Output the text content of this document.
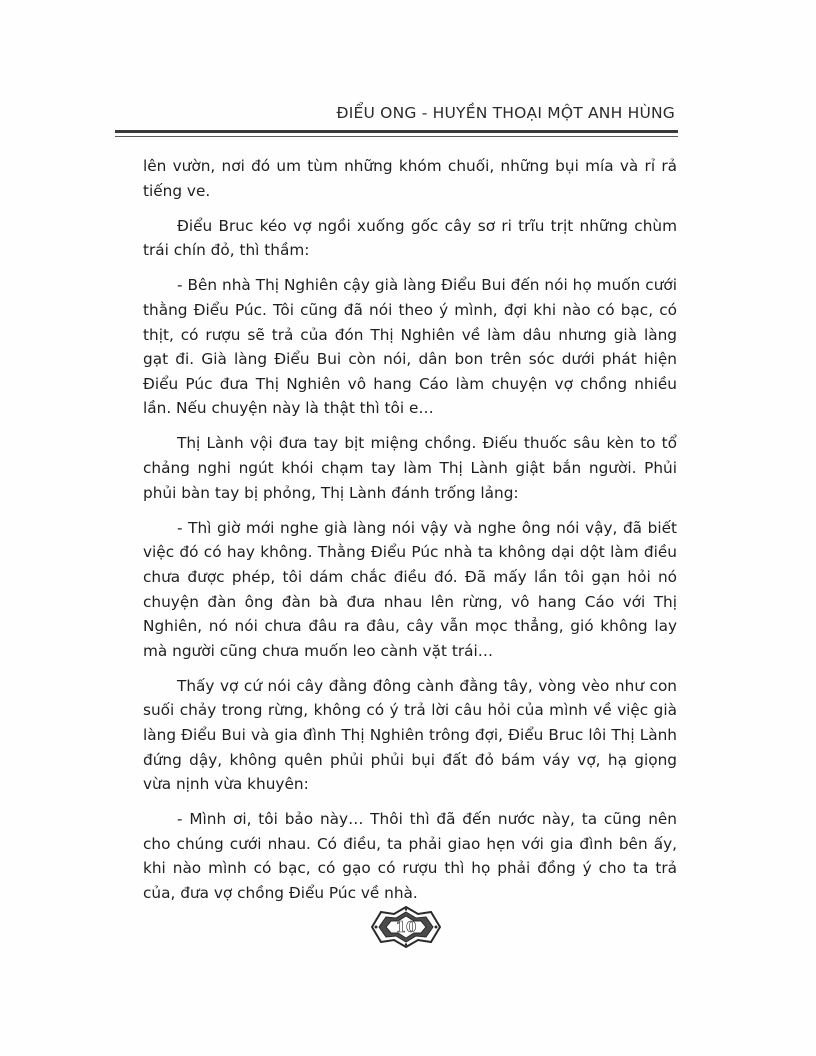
ĐIỂU ONG - HUYỀN THOẠI MỘT ANH HÙNG

lên vườn, nơi đó um tùm những khóm chuối, những bụi mía và rỉ rả tiếng ve.

Điểu Bruc kéo vợ ngồi xuống gốc cây sơ ri trĩu trịt những chùm trái chín đỏ, thì thầm:

- Bên nhà Thị Nghiên cậy già làng Điểu Bui đến nói họ muốn cưới thằng Điểu Púc. Tôi cũng đã nói theo ý mình, đợi khi nào có bạc, có thịt, có rượu sẽ trả của đón Thị Nghiên về làm dâu nhưng già làng gạt đi. Già làng Điểu Bui còn nói, dân bon trên sóc dưới phát hiện Điểu Púc đưa Thị Nghiên vô hang Cáo làm chuyện vợ chồng nhiều lần. Nếu chuyện này là thật thì tôi e…

Thị Lành vội đưa tay bịt miệng chồng. Điếu thuốc sâu kèn to tổ chảng nghi ngút khói chạm tay làm Thị Lành giật bắn người. Phủi phủi bàn tay bị phỏng, Thị Lành đánh trống lảng:

- Thì giờ mới nghe già làng nói vậy và nghe ông nói vậy, đã biết việc đó có hay không. Thằng Điểu Púc nhà ta không dại dột làm điều chưa được phép, tôi dám chắc điều đó. Đã mấy lần tôi gạn hỏi nó chuyện đàn ông đàn bà đưa nhau lên rừng, vô hang Cáo với Thị Nghiên, nó nói chưa đâu ra đâu, cây vẫn mọc thẳng, gió không lay mà người cũng chưa muốn leo cành vặt trái…

Thấy vợ cứ nói cây đằng đông cành đằng tây, vòng vèo như con suối chảy trong rừng, không có ý trả lời câu hỏi của mình về việc già làng Điểu Bui và gia đình Thị Nghiên trông đợi, Điểu Bruc lôi Thị Lành đứng dậy, không quên phủi phủi bụi đất đỏ bám váy vợ, hạ giọng vừa nịnh vừa khuyên:

- Mình ơi, tôi bảo này… Thôi thì đã đến nước này, ta cũng nên cho chúng cưới nhau. Có điều, ta phải giao hẹn với gia đình bên ấy, khi nào mình có bạc, có gạo có rượu thì họ phải đồng ý cho ta trả của, đưa vợ chồng Điểu Púc về nhà.

10
